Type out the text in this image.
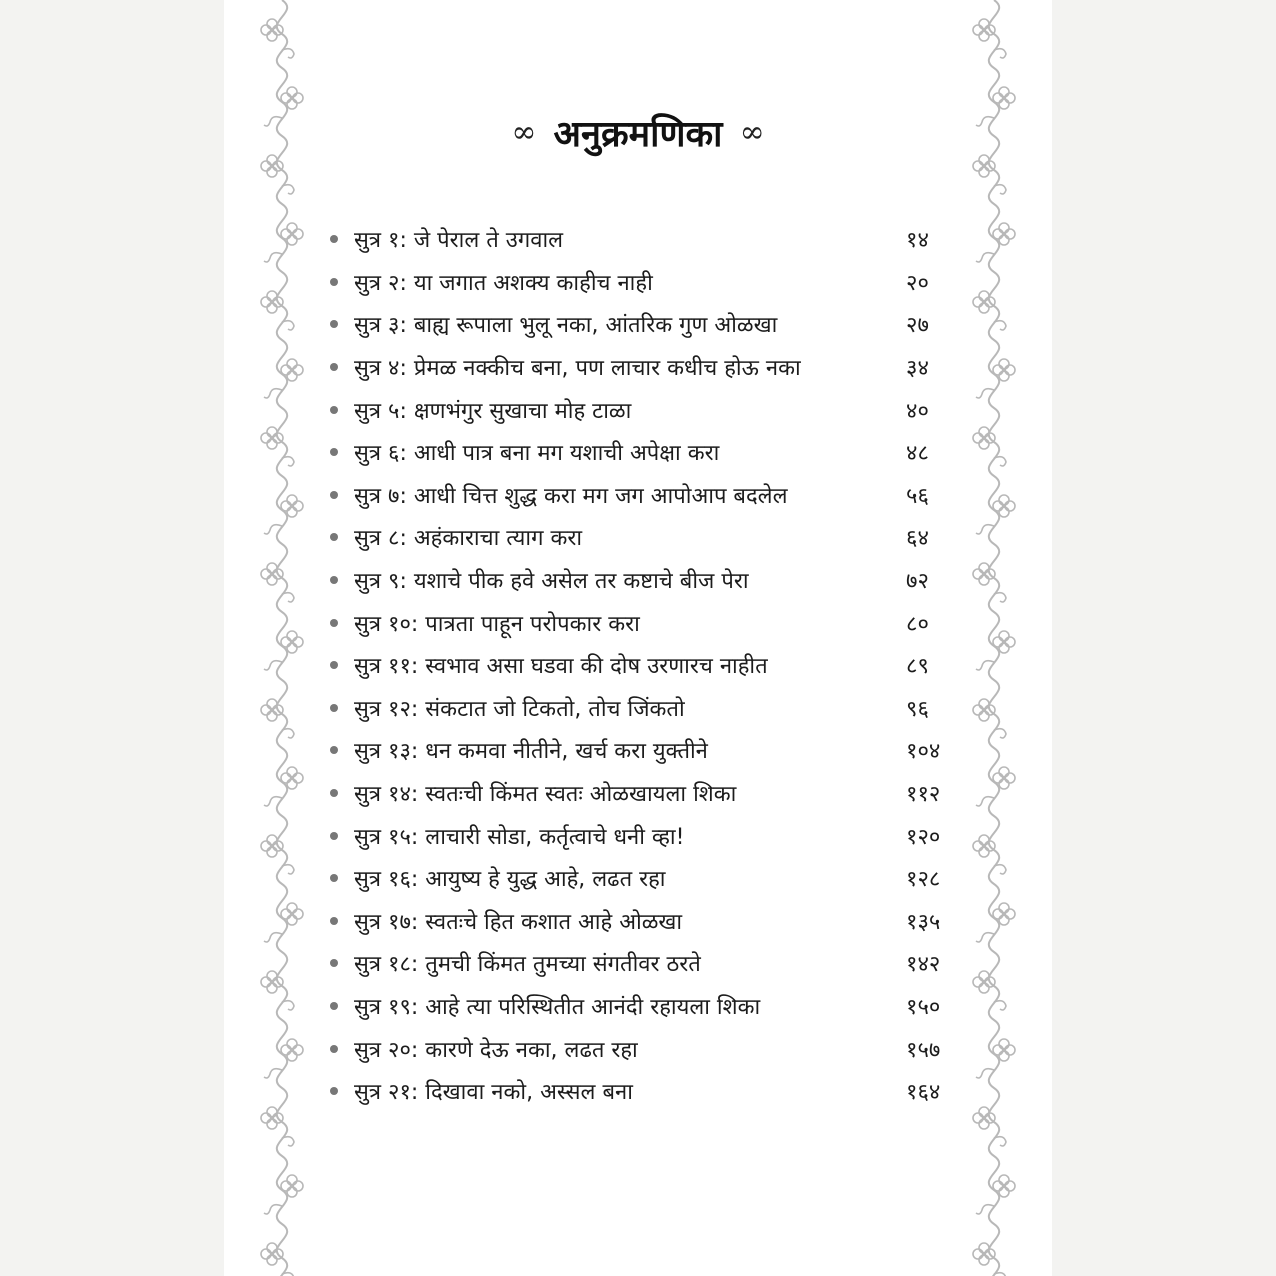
∞ अनुक्रमणिका ∞
सुत्र १: जे पेराल ते उगवाल	१४
सुत्र २: या जगात अशक्य काहीच नाही	२०
सुत्र ३: बाह्य रूपाला भुलू नका, आंतरिक गुण ओळखा	२७
सुत्र ४: प्रेमळ नक्कीच बना, पण लाचार कधीच होऊ नका	३४
सुत्र ५: क्षणभंगुर सुखाचा मोह टाळा	४०
सुत्र ६: आधी पात्र बना मग यशाची अपेक्षा करा	४८
सुत्र ७: आधी चित्त शुद्ध करा मग जग आपोआप बदलेल	५६
सुत्र ८: अहंकाराचा त्याग करा	६४
सुत्र ९: यशाचे पीक हवे असेल तर कष्टाचे बीज पेरा	७२
सुत्र १०: पात्रता पाहून परोपकार करा	८०
सुत्र ११: स्वभाव असा घडवा की दोष उरणारच नाहीत	८९
सुत्र १२: संकटात जो टिकतो, तोच जिंकतो	९६
सुत्र १३: धन कमवा नीतीने, खर्च करा युक्तीने	१०४
सुत्र १४: स्वतःची किंमत स्वतः ओळखायला शिका	११२
सुत्र १५: लाचारी सोडा, कर्तृत्वाचे धनी व्हा!	१२०
सुत्र १६: आयुष्य हे युद्ध आहे, लढत रहा	१२८
सुत्र १७: स्वतःचे हित कशात आहे ओळखा	१३५
सुत्र १८: तुमची किंमत तुमच्या संगतीवर ठरते	१४२
सुत्र १९: आहे त्या परिस्थितीत आनंदी रहायला शिका	१५०
सुत्र २०: कारणे देऊ नका, लढत रहा	१५७
सुत्र २१: दिखावा नको, अस्सल बना	१६४
